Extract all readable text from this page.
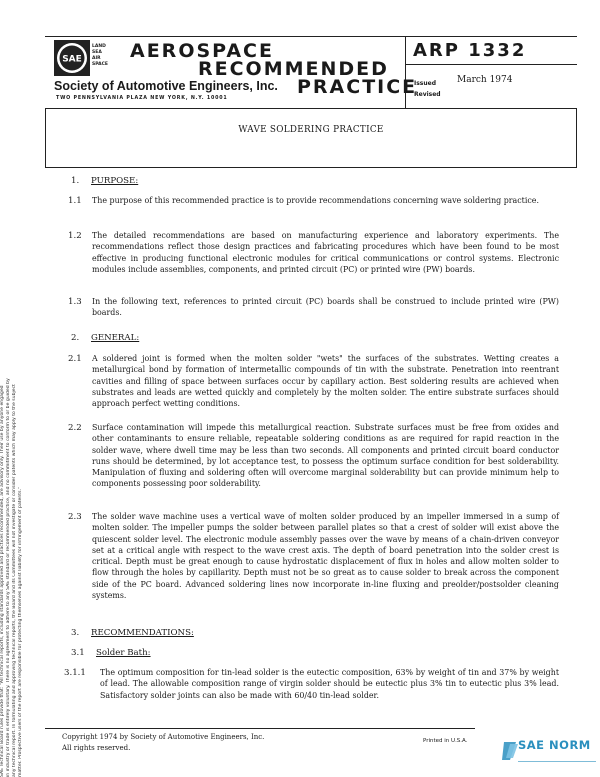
SAE
LAND
SEA
AIR
SPACE
AEROSPACE
RECOMMENDED
PRACTICE
Society of Automotive Engineers, Inc.
TWO PENNSYLVANIA PLAZA NEW YORK, N.Y. 10001
ARP 1332
Issued March 1974
Revised
WAVE SOLDERING PRACTICE
SAE Technical Board rules provide that: "All technical reports, including standards approved and practices recommended, are advisory only. Their use by anyone engaged in industry or trade is entirely voluntary. There is no agreement to adhere to any SAE standard or recommended practice, and no commitment to conform to or be guided by any technical report. In formulating and approving technical reports, the Board and its Committees will not investigate or consider patents which may apply to the subject matter. Prospective users of the report are responsible for protecting themselves against liability for infringement of patents."
1. PURPOSE:
1.1 The purpose of this recommended practice is to provide recommendations concerning wave soldering practice.
1.2 The detailed recommendations are based on manufacturing experience and laboratory experiments. The recommendations reflect those design practices and fabricating procedures which have been found to be most effective in producing functional electronic modules for critical communications or control systems. Electronic modules include assemblies, components, and printed circuit (PC) or printed wire (PW) boards.
1.3 In the following text, references to printed circuit (PC) boards shall be construed to include printed wire (PW) boards.
2. GENERAL:
2.1 A soldered joint is formed when the molten solder "wets" the surfaces of the substrates. Wetting creates a metallurgical bond by formation of intermetallic compounds of tin with the substrate. Penetration into reentrant cavities and filling of space between surfaces occur by capillary action. Best soldering results are achieved when substrates and leads are wetted quickly and completely by the molten solder. The entire substrate surfaces should approach perfect wetting conditions.
2.2 Surface contamination will impede this metallurgical reaction. Substrate surfaces must be free from oxides and other contaminants to ensure reliable, repeatable soldering conditions as are required for rapid reaction in the solder wave, where dwell time may be less than two seconds. All components and printed circuit board conductor runs should be determined, by lot acceptance test, to possess the optimum surface condition for best solderability. Manipulation of fluxing and soldering often will overcome marginal solderability but can provide minimum help to components possessing poor solderability.
2.3 The solder wave machine uses a vertical wave of molten solder produced by an impeller immersed in a sump of molten solder. The impeller pumps the solder between parallel plates so that a crest of solder will exist above the quiescent solder level. The electronic module assembly passes over the wave by means of a chain-driven conveyor set at a critical angle with respect to the wave crest axis. The depth of board penetration into the solder crest is critical. Depth must be great enough to cause hydrostatic displacement of flux in holes and allow molten solder to flow through the holes by capillarity. Depth must not be so great as to cause solder to break across the component side of the PC board. Advanced soldering lines now incorporate in-line fluxing and preolder/postsolder cleaning systems.
3. RECOMMENDATIONS:
3.1 Solder Bath:
3.1.1 The optimum composition for tin-lead solder is the eutectic composition, 63% by weight of tin and 37% by weight of lead. The allowable composition range of virgin solder should be eutectic plus 3% tin to eutectic plus 3% lead. Satisfactory solder joints can also be made with 60/40 tin-lead solder.
Copyright 1974 by Society of Automotive Engineers, Inc.
All rights reserved.
Printed in U.S.A.	SAE NORM
